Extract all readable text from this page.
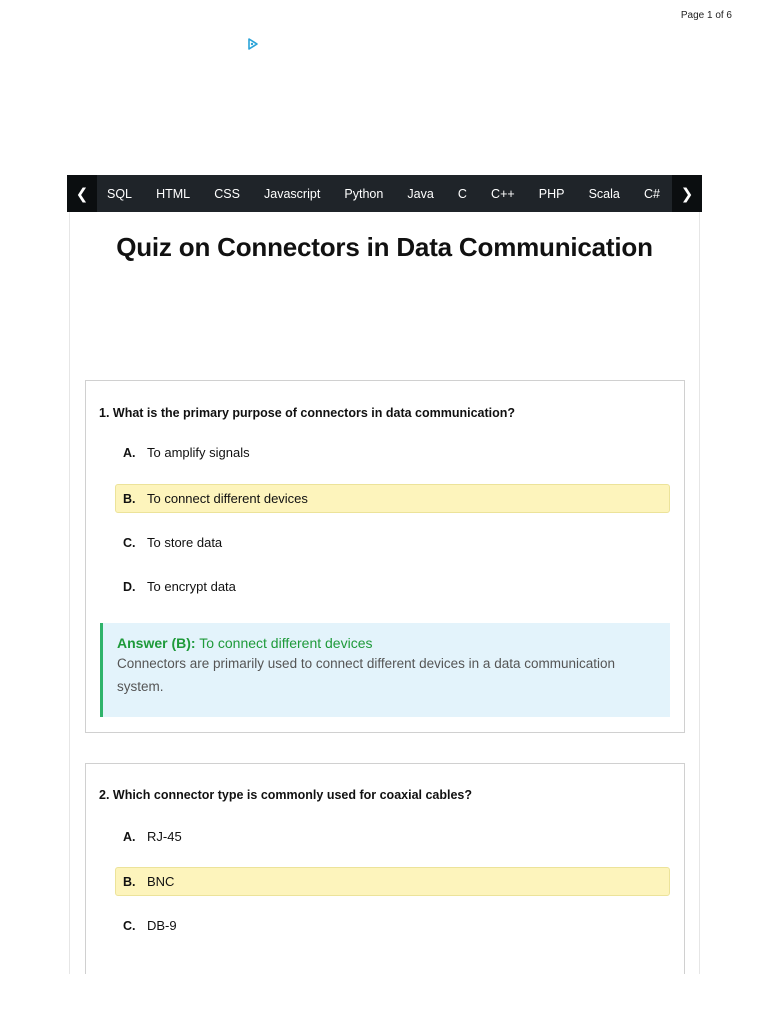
Page 1 of 6
❮	SQL HTML CSS Javascript Python Java C C++ PHP Scala C#	❯
Quiz on Connectors in Data Communication
1. What is the primary purpose of connectors in data communication?
A. To amplify signals
B. To connect different devices
C. To store data
D. To encrypt data
Answer (B): To connect different devices
Connectors are primarily used to connect different devices in a data communication system.
2. Which connector type is commonly used for coaxial cables?
A. RJ-45
B. BNC
C. DB-9
